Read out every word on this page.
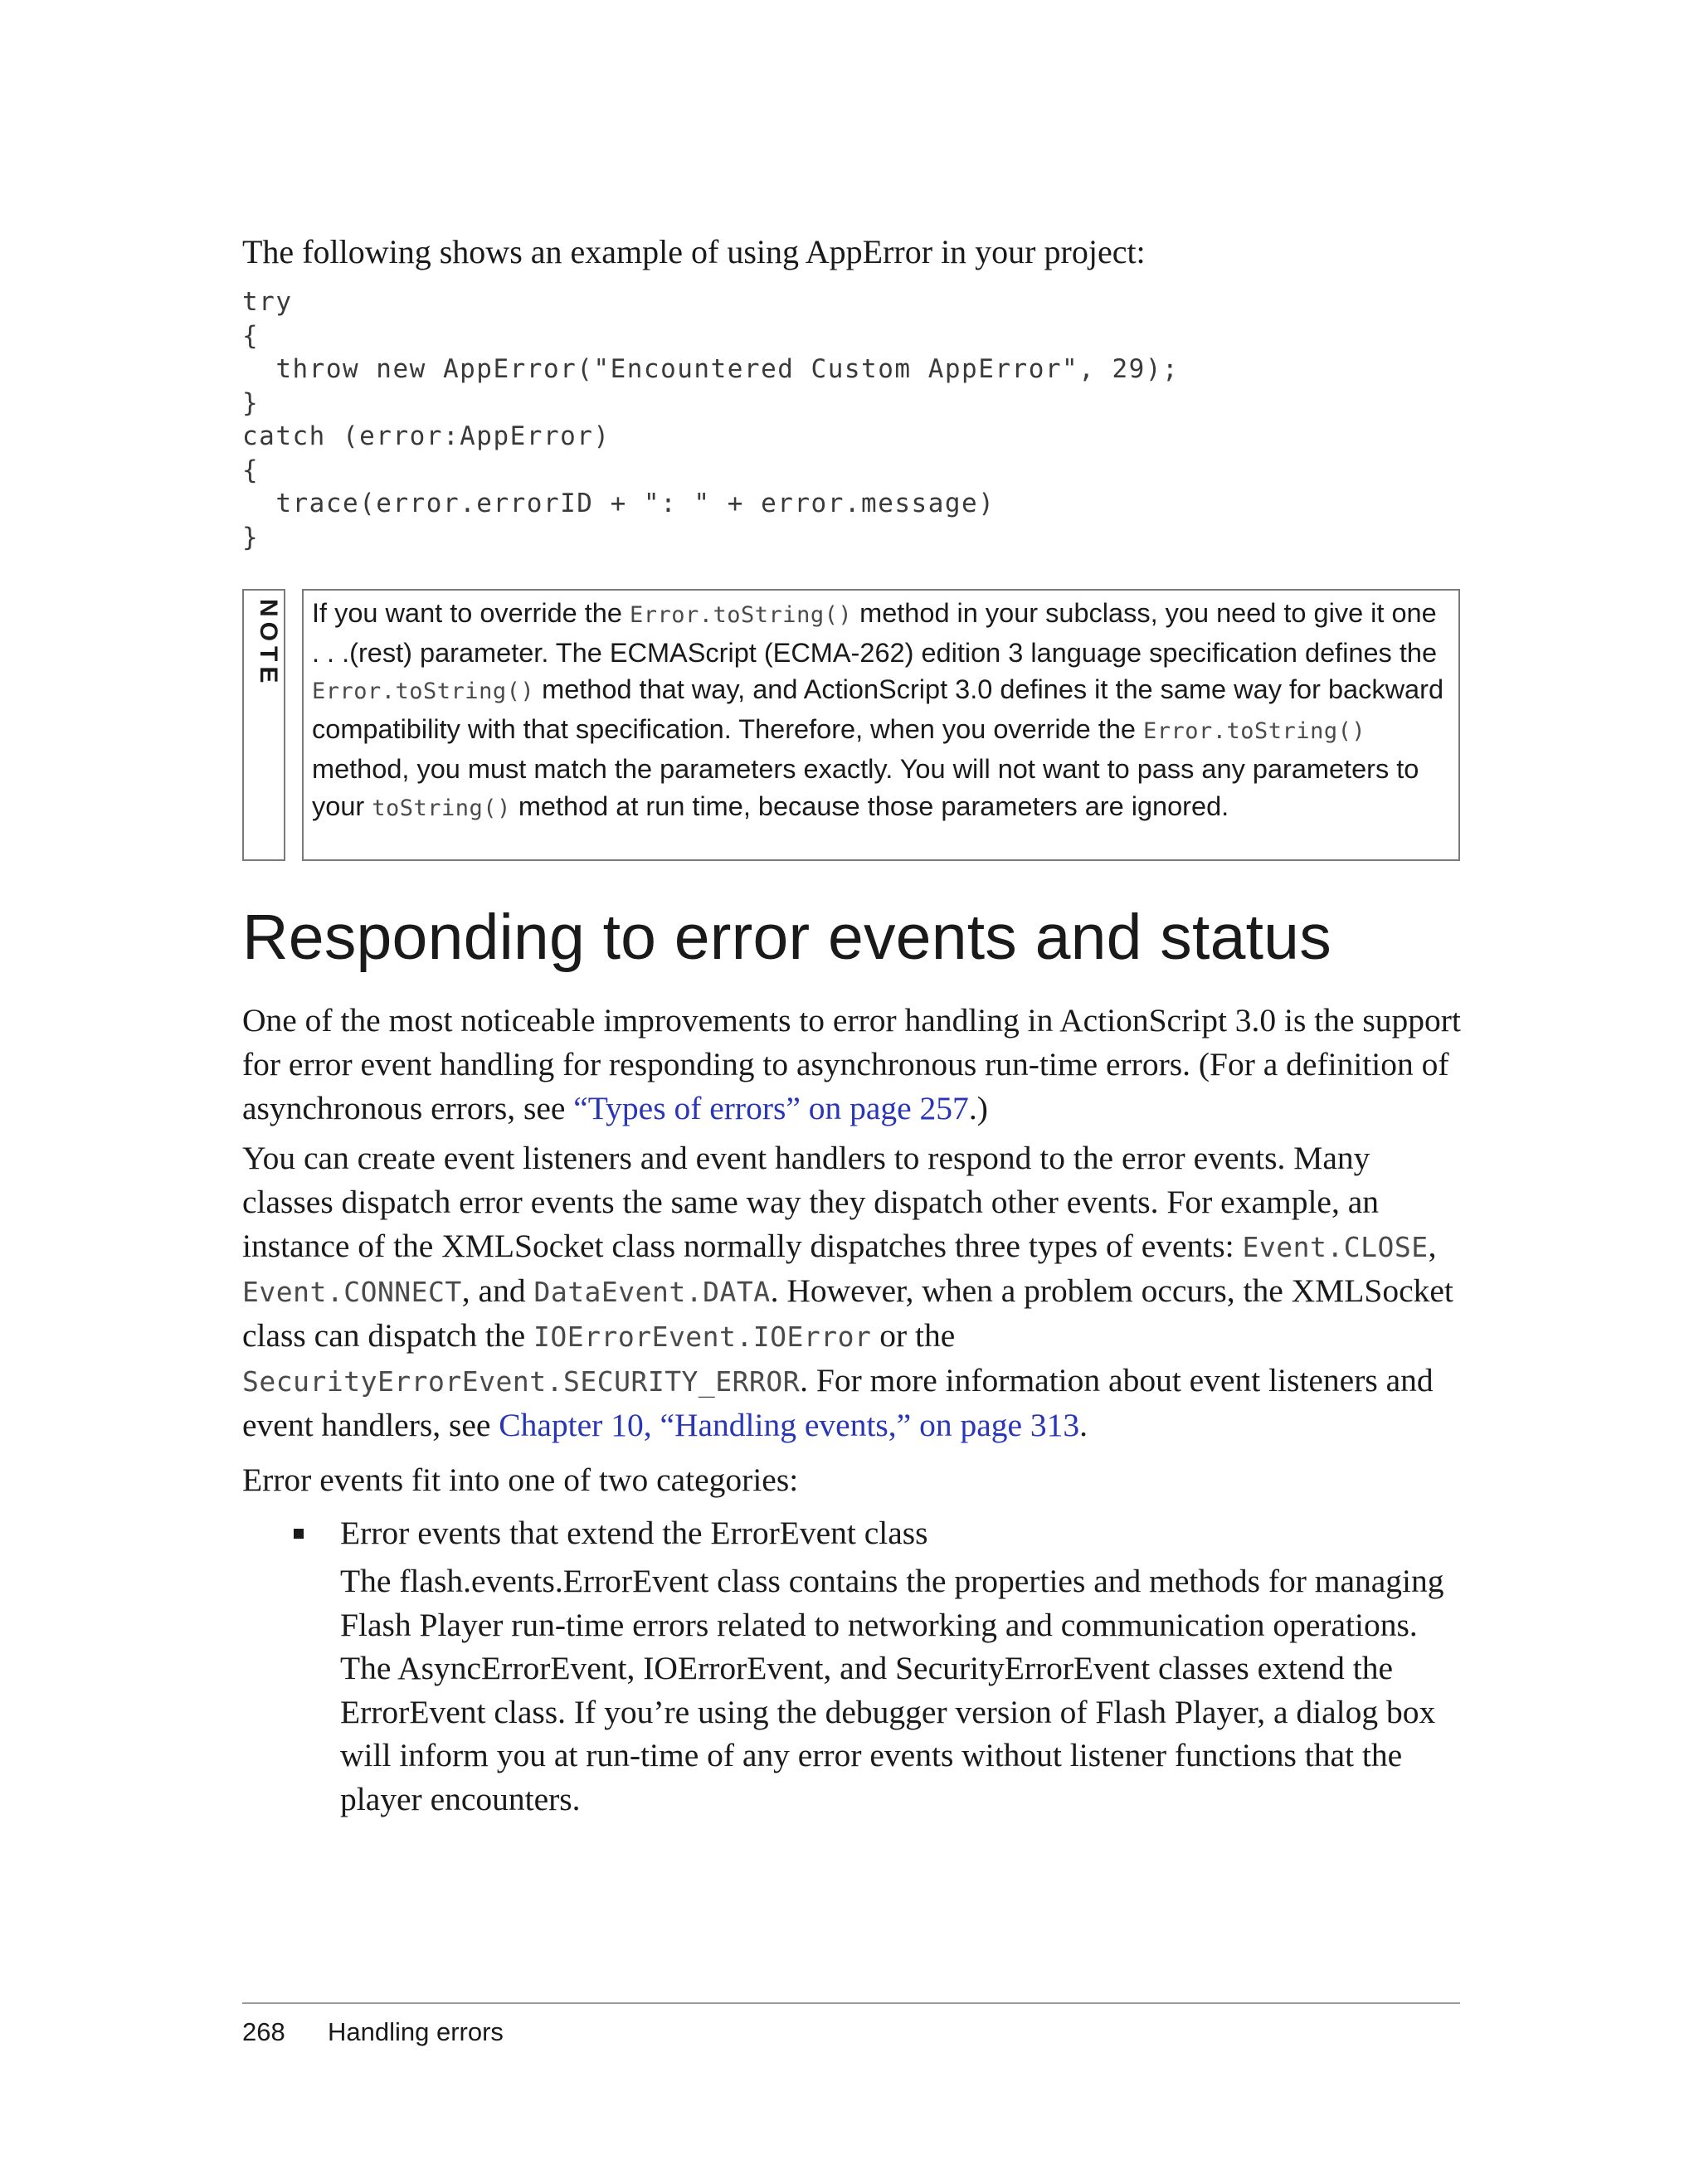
The following shows an example of using AppError in your project:

try
{
throw new AppError("Encountered Custom AppError", 29);
}
catch (error:AppError)
{
trace(error.errorID + ": " + error.message)
}
NOTE	If you want to override the Error.toString() method in your subclass, you need to give it one . . .(rest) parameter. The ECMAScript (ECMA-262) edition 3 language specification defines the Error.toString() method that way, and ActionScript 3.0 defines it the same way for backward compatibility with that specification. Therefore, when you override the Error.toString() method, you must match the parameters exactly. You will not want to pass any parameters to your toString() method at run time, because those parameters are ignored.
Responding to error events and status

One of the most noticeable improvements to error handling in ActionScript 3.0 is the support for error event handling for responding to asynchronous run-time errors. (For a definition of asynchronous errors, see “Types of errors” on page 257.)

You can create event listeners and event handlers to respond to the error events. Many classes dispatch error events the same way they dispatch other events. For example, an instance of the XMLSocket class normally dispatches three types of events: Event.CLOSE, Event.CONNECT, and DataEvent.DATA. However, when a problem occurs, the XMLSocket class can dispatch the IOErrorEvent.IOError or the SecurityErrorEvent.SECURITY_ERROR. For more information about event listeners and event handlers, see Chapter 10, “Handling events,” on page 313.

Error events fit into one of two categories:

Error events that extend the ErrorEvent class

The flash.events.ErrorEvent class contains the properties and methods for managing Flash Player run-time errors related to networking and communication operations. The AsyncErrorEvent, IOErrorEvent, and SecurityErrorEvent classes extend the ErrorEvent class. If you’re using the debugger version of Flash Player, a dialog box will inform you at run-time of any error events without listener functions that the player encounters.

268 Handling errors
